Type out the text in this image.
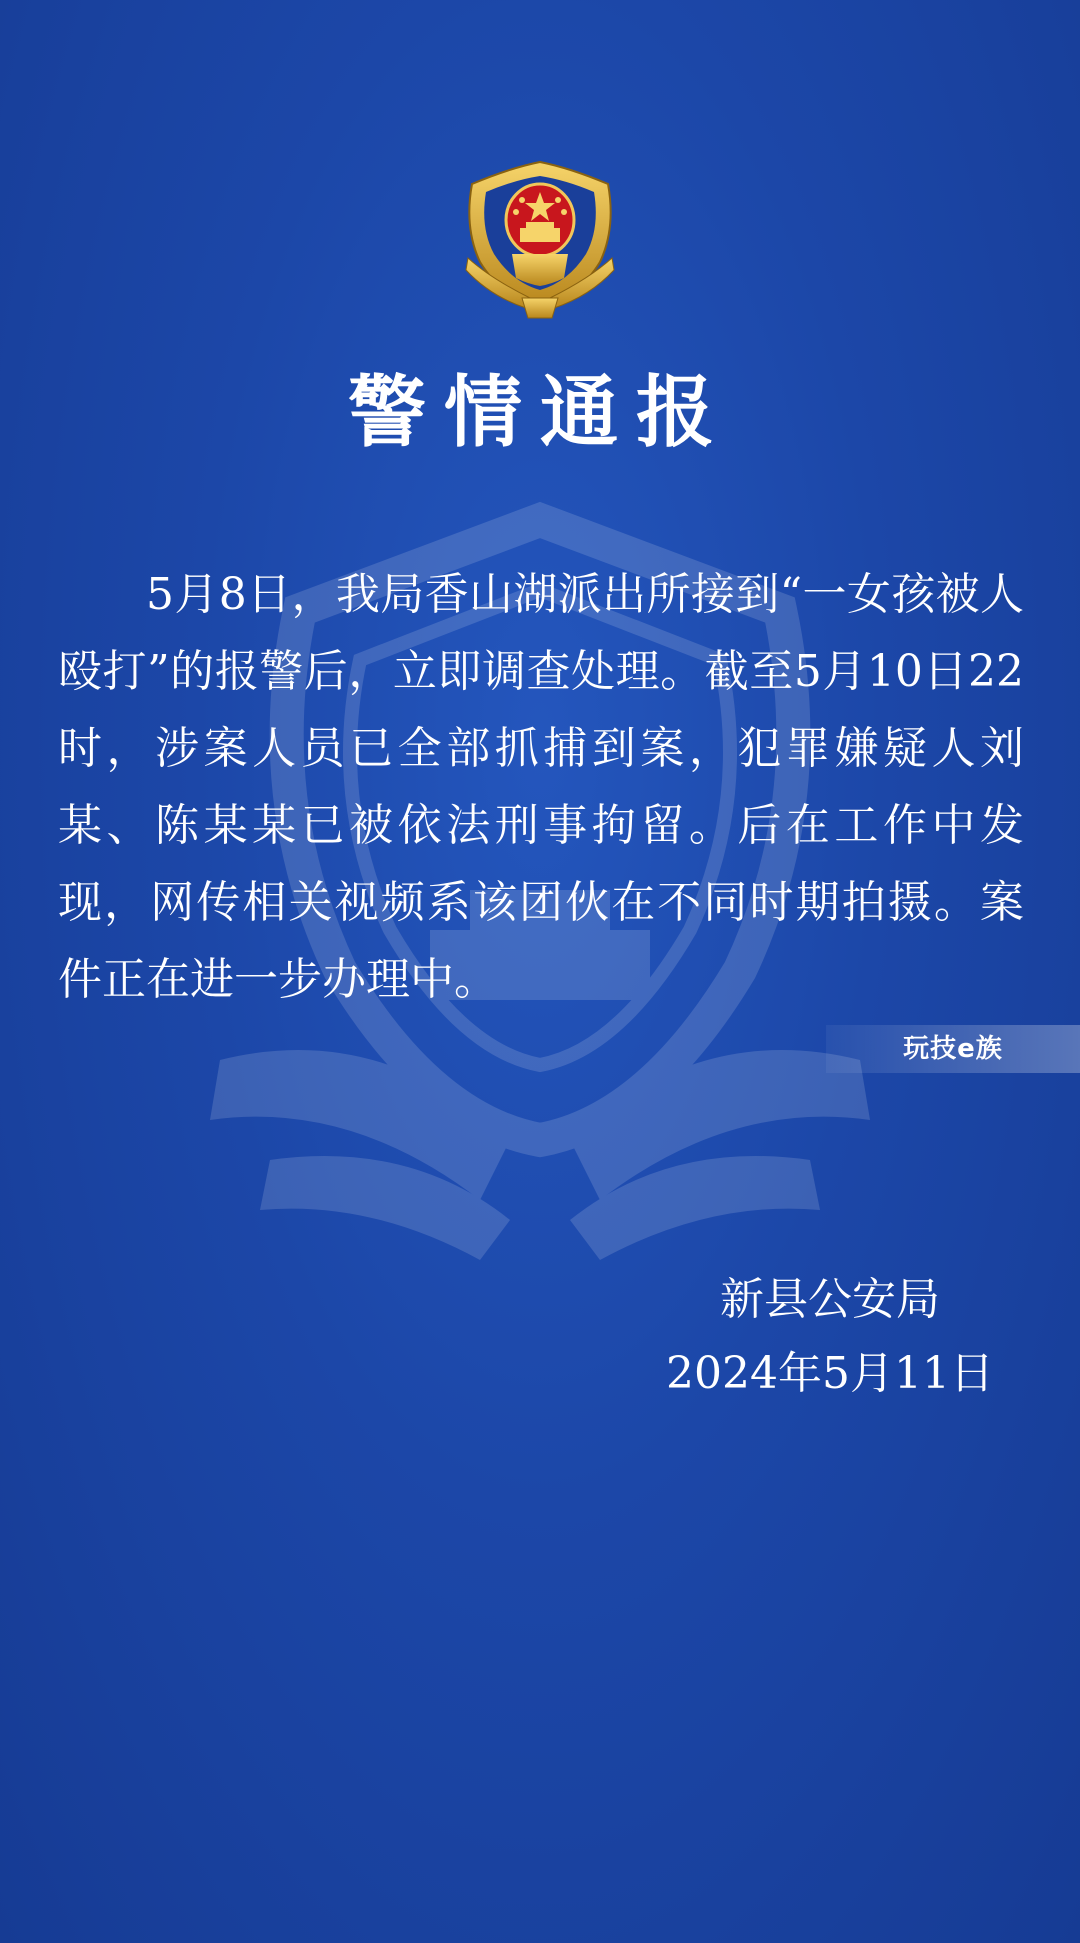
警情通报

5月8日，我局香山湖派出所接到“一女孩被人殴打”的报警后，立即调查处理。截至5月10日22时，涉案人员已全部抓捕到案，犯罪嫌疑人刘某、陈某某已被依法刑事拘留。后在工作中发现，网传相关视频系该团伙在不同时期拍摄。案件正在进一步办理中。

玩技e族
新县公安局
2024年5月11日
